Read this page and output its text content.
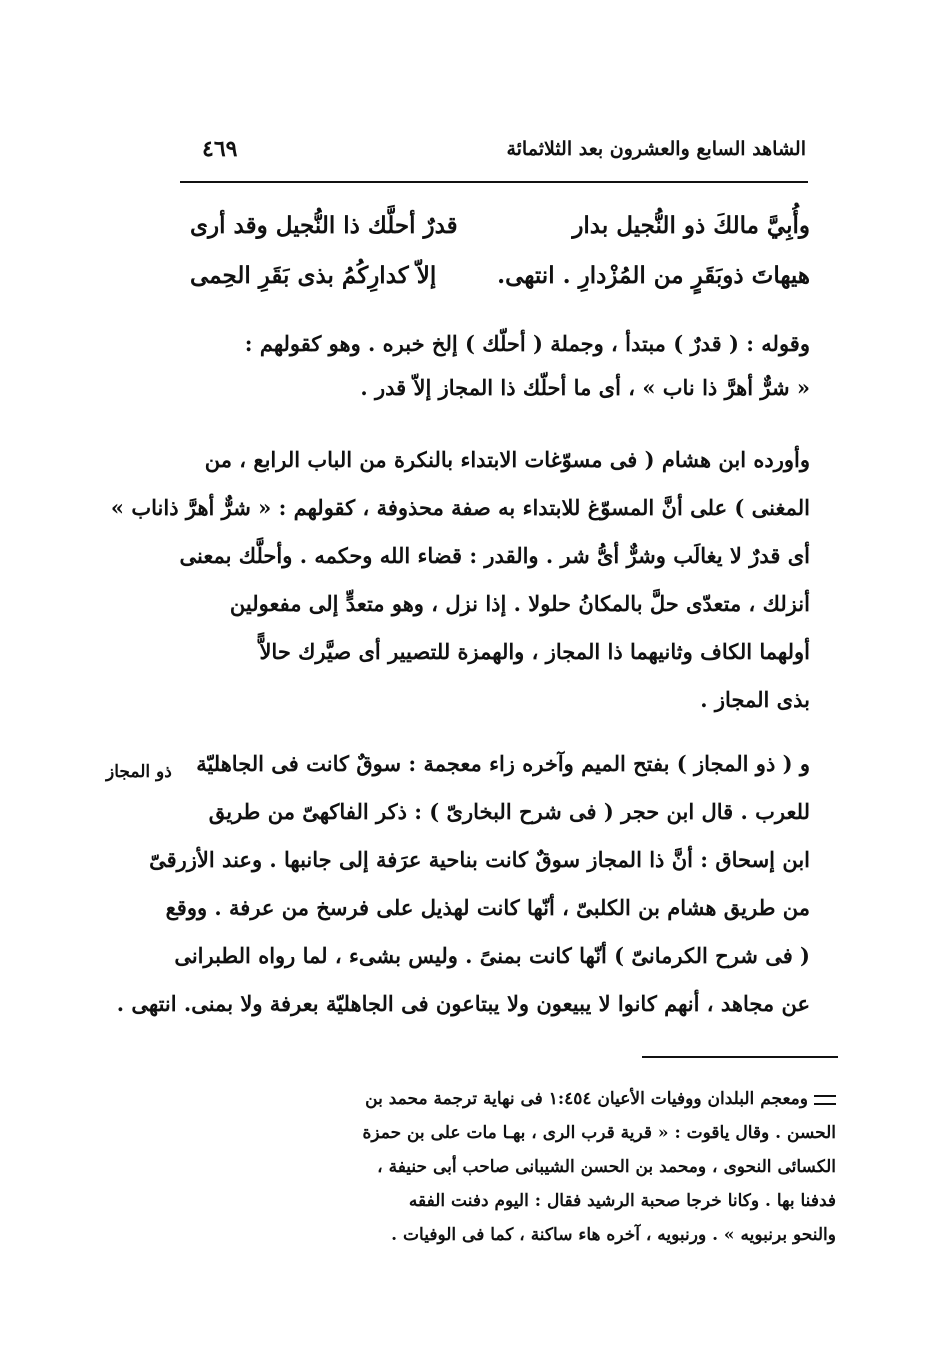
الشاهد السابع والعشرون بعد الثلاثمائة
٤٦٩
قدرٌ أحلَّك ذا النُّجيل وقد أرى	وأُبِيَّ مالكَ ذو النُّجيل بدار
إلاّ كدارِكُمُ بذى بَقَرِ الحِمى	هيهاتَ ذوبَقَرٍ من المُزْدارِ . انتهى.
وقوله : ( قدرٌ ) مبتدأ ، وجملة ( أحلّك ) إلخ خبره . وهو كقولهم :
« شرٌّ أهرَّ ذا ناب » ، أى ما أحلّك ذا المجاز إلاّ قدر .
وأورده ابن هشام ( فى مسوّغات الابتداء بالنكرة من الباب الرابع ، من
المغنى ) على أنَّ المسوّغ للابتداء به صفة محذوفة ، كقولهم : « شرٌّ أهرَّ ذاناب »
أى قدرٌ لا يغالَب وشرٌّ أىُّ شر . والقدر : قضاء الله وحكمه . وأحلَّك بمعنى
أنزلك ، متعدّى حلَّ بالمكانُ حلولا . إذا نزل ، وهو متعدٍّ إلى مفعولين
أولهما الكاف وثانيهما ذا المجاز ، والهمزة للتصيير أى صيَّرك حالاًّ
بذى المجاز .
ذو المجاز و ( ذو المجاز ) بفتح الميم وآخره زاء معجمة : سوقٌ كانت فى الجاهليّة
للعرب . قال ابن حجر ( فى شرح البخارىّ ) : ذكر الفاكهىّ من طريق
ابن إسحاق : أنَّ ذا المجاز سوقٌ كانت بناحية عرَفة إلى جانبها . وعند الأزرقىّ
من طريق هشام بن الكلبىّ ، أنّها كانت لهذيل على فرسخ من عرفة . ووقع
( فى شرح الكرمانىّ ) أنّها كانت بمنىً . وليس بشىء ، لما رواه الطبرانى
عن مجاهد ، أنهم كانوا لا يبيعون ولا يبتاعون فى الجاهليّة بعرفة ولا بمنى. انتهى .
ومعجم البلدان ووفيات الأعيان ١:٤٥٤ فى نهاية ترجمة محمد بن
الحسن . وقال ياقوت : « قرية قرب الرى ، بهـا مات على بن حمزة
الكسائى النحوى ، ومحمد بن الحسن الشيبانى صاحب أبى حنيفة ،
فدفنا بها . وكانا خرجا صحبة الرشيد فقال : اليوم دفنت الفقه
والنحو برنبويه » . ورنبويه ، آخره هاء ساكنة ، كما فى الوفيات .
